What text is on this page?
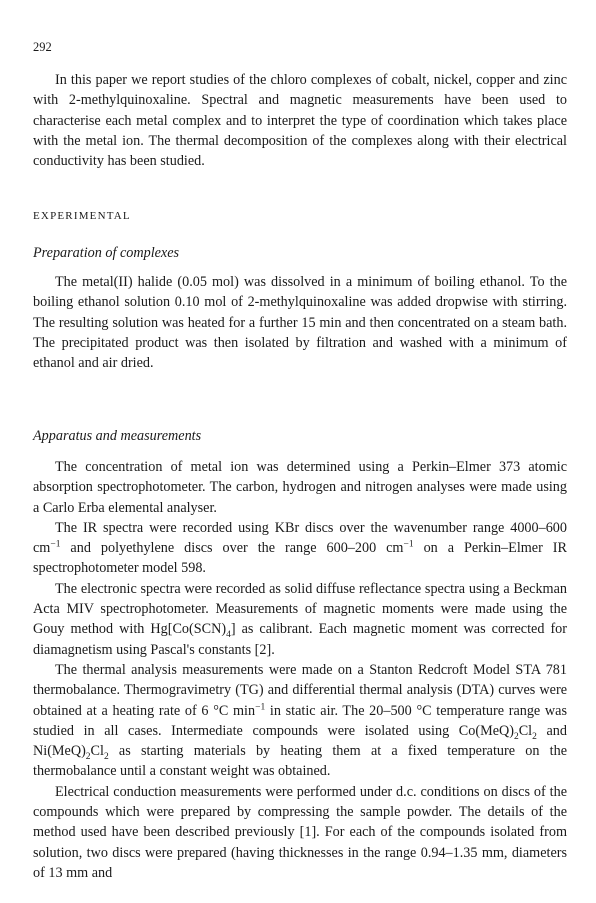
292

In this paper we report studies of the chloro complexes of cobalt, nickel, copper and zinc with 2-methylquinoxaline. Spectral and magnetic measurements have been used to characterise each metal complex and to interpret the type of coordination which takes place with the metal ion. The thermal decomposition of the complexes along with their electrical conductivity has been studied.

EXPERIMENTAL
Preparation of complexes

The metal(II) halide (0.05 mol) was dissolved in a minimum of boiling ethanol. To the boiling ethanol solution 0.10 mol of 2-methylquinoxaline was added dropwise with stirring. The resulting solution was heated for a further 15 min and then concentrated on a steam bath. The precipitated product was then isolated by filtration and washed with a minimum of ethanol and air dried.

Apparatus and measurements

The concentration of metal ion was determined using a Perkin–Elmer 373 atomic absorption spectrophotometer. The carbon, hydrogen and nitrogen analyses were made using a Carlo Erba elemental analyser.

The IR spectra were recorded using KBr discs over the wavenumber range 4000–600 $cm^{-1}$ and polyethylene discs over the range 600–200 $cm^{-1}$ on a Perkin–Elmer IR spectrophotometer model 598.

The electronic spectra were recorded as solid diffuse reflectance spectra using a Beckman Acta MIV spectrophotometer. Measurements of magnetic moments were made using the Gouy method with $Hg[Co(SCN)_4]$ as calibrant. Each magnetic moment was corrected for diamagnetism using Pascal's constants [2].

The thermal analysis measurements were made on a Stanton Redcroft Model STA 781 thermobalance. Thermogravimetry (TG) and differential thermal analysis (DTA) curves were obtained at a heating rate of 6 °C $\min^{-1}$ in static air. The 20–500 °C temperature range was studied in all cases. Intermediate compounds were isolated using $Co(MeQ)_2Cl_2$ and $Ni(MeQ)_2Cl_2$ as starting materials by heating them at a fixed temperature on the thermobalance until a constant weight was obtained.

Electrical conduction measurements were performed under d.c. conditions on discs of the compounds which were prepared by compressing the sample powder. The details of the method used have been described previously [1]. For each of the compounds isolated from solution, two discs were prepared (having thicknesses in the range 0.94–1.35 mm, diameters of 13 mm and
